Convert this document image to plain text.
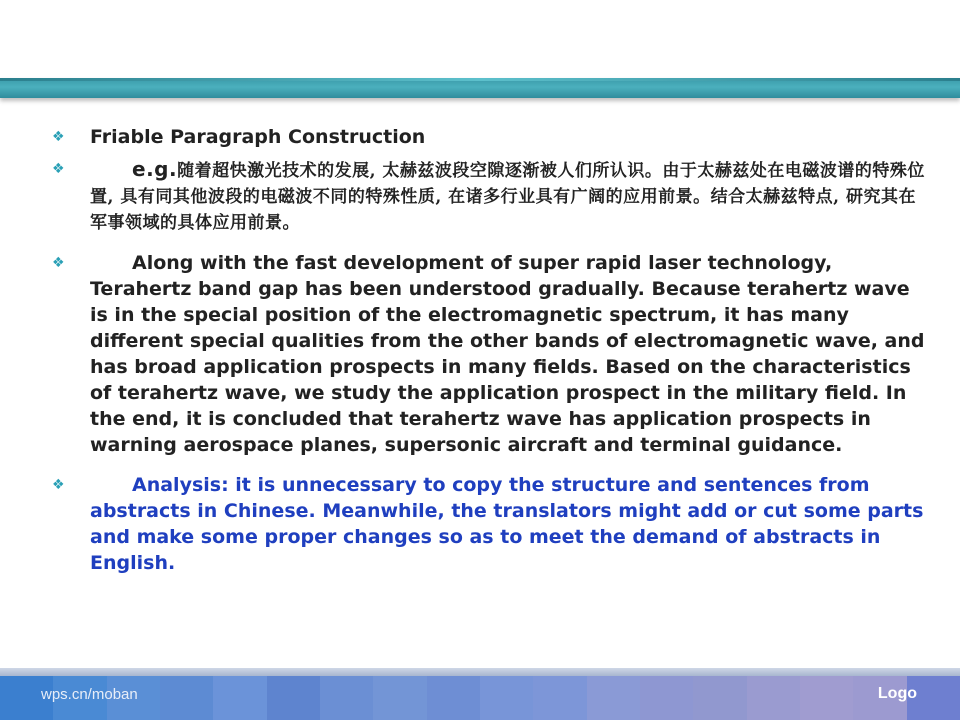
❖	Friable Paragraph Construction
❖	e.g.随着超快激光技术的发展, 太赫兹波段空隙逐渐被人们所认识。由于太赫兹处在电磁波谱的特殊位置, 具有同其他波段的电磁波不同的特殊性质, 在诸多行业具有广阔的应用前景。结合太赫兹特点, 研究其在军事领域的具体应用前景。
❖	Along with the fast development of super rapid laser technology, Terahertz band gap has been understood gradually. Because terahertz wave is in the special position of the electromagnetic spectrum, it has many different special qualities from the other bands of electromagnetic wave, and has broad application prospects in many fields. Based on the characteristics of terahertz wave, we study the application prospect in the military field. In the end, it is concluded that terahertz wave has application prospects in warning aerospace planes, supersonic aircraft and terminal guidance.
❖	Analysis: it is unnecessary to copy the structure and sentences from abstracts in Chinese. Meanwhile, the translators might add or cut some parts and make some proper changes so as to meet the demand of abstracts in English.
wps.cn/moban	Logo
